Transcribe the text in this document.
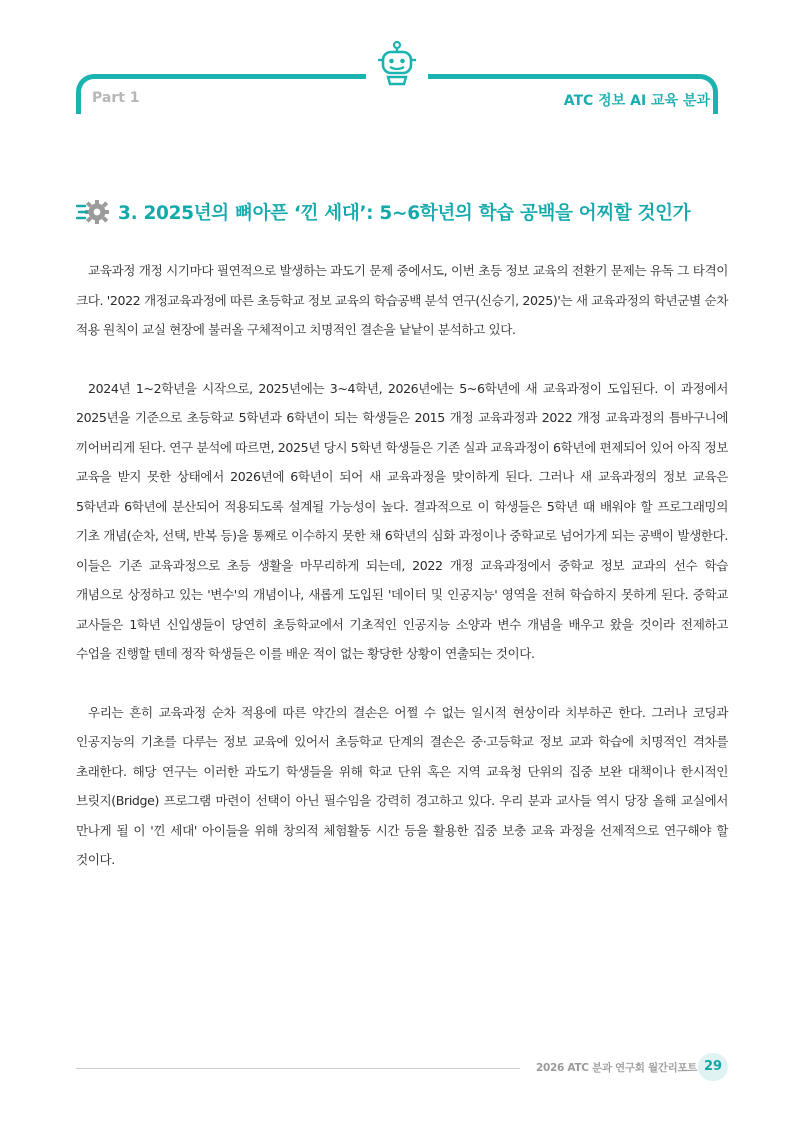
Part 1	ATC 정보 AI 교육 분과
3. 2025년의 뼈아픈 ‘낀 세대’: 5~6학년의 학습 공백을 어찌할 것인가

교육과정 개정 시기마다 필연적으로 발생하는 과도기 문제 중에서도, 이번 초등 정보 교육의 전환기 문제는 유독 그 타격이 크다. '2022 개정교육과정에 따른 초등학교 정보 교육의 학습공백 분석 연구(신승기, 2025)'는 새 교육과정의 학년군별 순차 적용 원칙이 교실 현장에 불러올 구체적이고 치명적인 결손을 낱낱이 분석하고 있다.

2024년 1~2학년을 시작으로, 2025년에는 3~4학년, 2026년에는 5~6학년에 새 교육과정이 도입된다. 이 과정에서 2025년을 기준으로 초등학교 5학년과 6학년이 되는 학생들은 2015 개정 교육과정과 2022 개정 교육과정의 틈바구니에 끼어버리게 된다. 연구 분석에 따르면, 2025년 당시 5학년 학생들은 기존 실과 교육과정이 6학년에 편제되어 있어 아직 정보 교육을 받지 못한 상태에서 2026년에 6학년이 되어 새 교육과정을 맞이하게 된다. 그러나 새 교육과정의 정보 교육은 5학년과 6학년에 분산되어 적용되도록 설계될 가능성이 높다. 결과적으로 이 학생들은 5학년 때 배워야 할 프로그래밍의 기초 개념(순차, 선택, 반복 등)을 통째로 이수하지 못한 채 6학년의 심화 과정이나 중학교로 넘어가게 되는 공백이 발생한다. 이들은 기존 교육과정으로 초등 생활을 마무리하게 되는데, 2022 개정 교육과정에서 중학교 정보 교과의 선수 학습 개념으로 상정하고 있는 '변수'의 개념이나, 새롭게 도입된 '데이터 및 인공지능' 영역을 전혀 학습하지 못하게 된다. 중학교 교사들은 1학년 신입생들이 당연히 초등학교에서 기초적인 인공지능 소양과 변수 개념을 배우고 왔을 것이라 전제하고 수업을 진행할 텐데 정작 학생들은 이를 배운 적이 없는 황당한 상황이 연출되는 것이다.

우리는 흔히 교육과정 순차 적용에 따른 약간의 결손은 어쩔 수 없는 일시적 현상이라 치부하곤 한다. 그러나 코딩과 인공지능의 기초를 다루는 정보 교육에 있어서 초등학교 단계의 결손은 중·고등학교 정보 교과 학습에 치명적인 격차를 초래한다. 해당 연구는 이러한 과도기 학생들을 위해 학교 단위 혹은 지역 교육청 단위의 집중 보완 대책이나 한시적인 브릿지(Bridge) 프로그램 마련이 선택이 아닌 필수임을 강력히 경고하고 있다. 우리 분과 교사들 역시 당장 올해 교실에서 만나게 될 이 '낀 세대' 아이들을 위해 창의적 체험활동 시간 등을 활용한 집중 보충 교육 과정을 선제적으로 연구해야 할 것이다.

2026 ATC 분과 연구회 월간리포트 29
